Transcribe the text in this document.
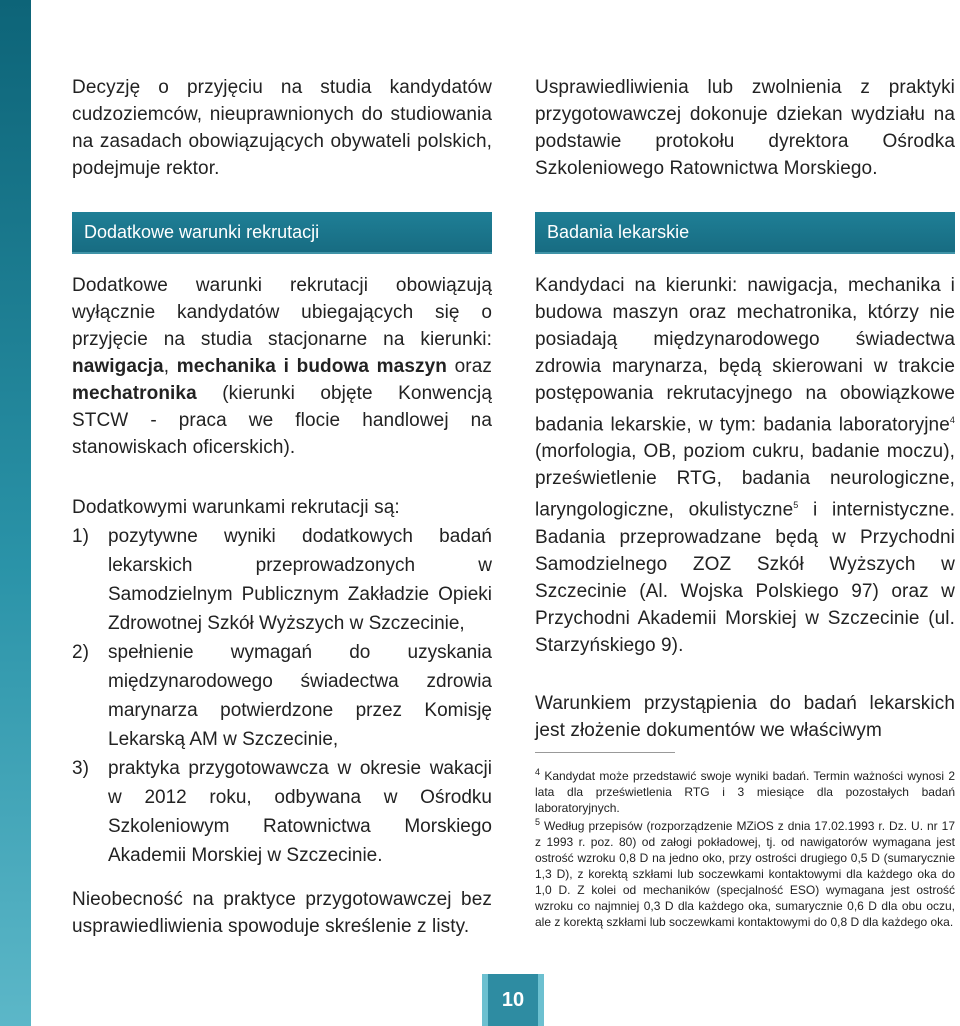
Decyzję o przyjęciu na studia kandydatów cudzoziemców, nieuprawnionych do studiowania na zasadach obowiązujących obywateli polskich, podejmuje rektor.

Dodatkowe warunki rekrutacji

Dodatkowe warunki rekrutacji obowiązują wyłącznie kandydatów ubiegających się o przyjęcie na studia stacjonarne na kierunki: nawigacja, mechanika i budowa maszyn oraz mechatronika (kierunki objęte Konwencją STCW - praca we flocie handlowej na stanowiskach oficerskich).

Dodatkowymi warunkami rekrutacji są:

1) pozytywne wyniki dodatkowych badań lekarskich przeprowadzonych w Samodzielnym Publicznym Zakładzie Opieki Zdrowotnej Szkół Wyższych w Szczecinie,
2) spełnienie wymagań do uzyskania międzynarodowego świadectwa zdrowia marynarza potwierdzone przez Komisję Lekarską AM w Szczecinie,
3) praktyka przygotowawcza w okresie wakacji w 2012 roku, odbywana w Ośrodku Szkoleniowym Ratownictwa Morskiego Akademii Morskiej w Szczecinie.

Nieobecność na praktyce przygotowawczej bez usprawiedliwienia spowoduje skreślenie z listy.

Usprawiedliwienia lub zwolnienia z praktyki przygotowawczej dokonuje dziekan wydziału na podstawie protokołu dyrektora Ośrodka Szkoleniowego Ratownictwa Morskiego.

Badania lekarskie

Kandydaci na kierunki: nawigacja, mechanika i budowa maszyn oraz mechatronika, którzy nie posiadają międzynarodowego świadectwa zdrowia marynarza, będą skierowani w trakcie postępowania rekrutacyjnego na obowiązkowe badania lekarskie, w tym: badania laboratoryjne$^4$ (morfologia, OB, poziom cukru, badanie moczu), prześwietlenie RTG, badania neurologiczne, laryngologiczne, okulistyczne$^5$ i internistyczne. Badania przeprowadzane będą w Przychodni Samodzielnego ZOZ Szkół Wyższych w Szczecinie (Al. Wojska Polskiego 97) oraz w Przychodni Akademii Morskiej w Szczecinie (ul. Starzyńskiego 9).

Warunkiem przystąpienia do badań lekarskich jest złożenie dokumentów we właściwym

$^4$ Kandydat może przedstawić swoje wyniki badań. Termin ważności wynosi 2 lata dla prześwietlenia RTG i 3 miesiące dla pozostałych badań laboratoryjnych.

$^5$ Według przepisów (rozporządzenie MZiOS z dnia 17.02.1993 r. Dz. U. nr 17 z 1993 r. poz. 80) od załogi pokładowej, tj. od nawigatorów wymagana jest ostrość wzroku 0,8 D na jedno oko, przy ostrości drugiego 0,5 D (sumarycznie 1,3 D), z korektą szkłami lub soczewkami kontaktowymi dla każdego oka do 1,0 D. Z kolei od mechaników (specjalność ESO) wymagana jest ostrość wzroku co najmniej 0,3 D dla każdego oka, sumarycznie 0,6 D dla obu oczu, ale z korektą szkłami lub soczewkami kontaktowymi do 0,8 D dla każdego oka.

10
